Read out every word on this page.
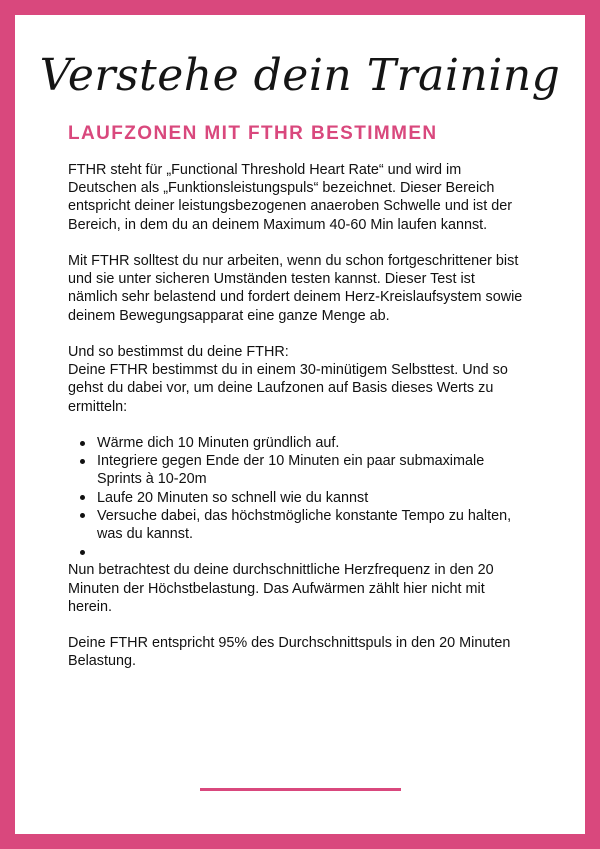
Verstehe dein Training
LAUFZONEN MIT FTHR BESTIMMEN

FTHR steht für „Functional Threshold Heart Rate“ und wird im Deutschen als „Funktionsleistungspuls“ bezeichnet. Dieser Bereich entspricht deiner leistungsbezogenen anaeroben Schwelle und ist der Bereich, in dem du an deinem Maximum 40-60 Min laufen kannst.

Mit FTHR solltest du nur arbeiten, wenn du schon fortgeschrittener bist und sie unter sicheren Umständen testen kannst. Dieser Test ist nämlich sehr belastend und fordert deinem Herz-Kreislaufsystem sowie deinem Bewegungsapparat eine ganze Menge ab.

Und so bestimmst du deine FTHR:

Deine FTHR bestimmst du in einem 30-minütigem Selbsttest. Und so gehst du dabei vor, um deine Laufzonen auf Basis dieses Werts zu ermitteln:

Wärme dich 10 Minuten gründlich auf.
Integriere gegen Ende der 10 Minuten ein paar submaximale Sprints à 10-20m
Laufe 20 Minuten so schnell wie du kannst
Versuche dabei, das höchstmögliche konstante Tempo zu halten, was du kannst.

Nun betrachtest du deine durchschnittliche Herzfrequenz in den 20 Minuten der Höchstbelastung. Das Aufwärmen zählt hier nicht mit herein.

Deine FTHR entspricht 95% des Durchschnittspuls in den 20 Minuten Belastung.
